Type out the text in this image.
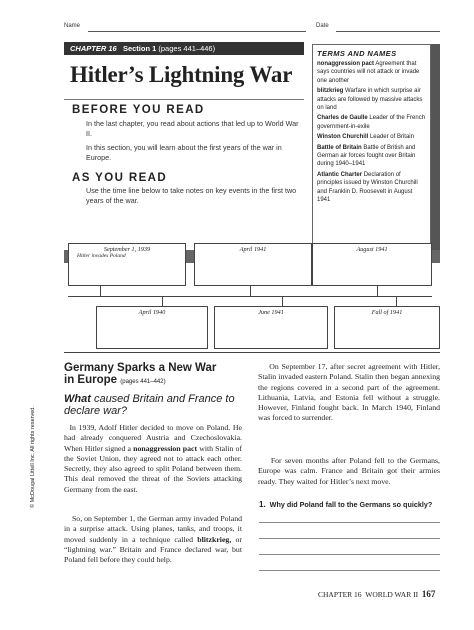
Name	Date
CHAPTER 16 Section 1 (pages 441–446)
Hitler’s Lightning War
BEFORE YOU READ
In the last chapter, you read about actions that led up to World War II.
In this section, you will learn about the first years of the war in Europe.
AS YOU READ
Use the time line below to take notes on key events in the first two years of the war.
TERMS AND NAMES
nonaggression pact Agreement that says countries will not attack or invade one another
blitzkrieg Warfare in which surprise air attacks are followed by massive attacks on land
Charles de Gaulle Leader of the French government-in-exile
Winston Churchill Leader of Britain
Battle of Britain Battle of British and German air forces fought over Britain during 1940–1941
Atlantic Charter Declaration of principles issued by Winston Churchill and Franklin D. Roosevelt in August 1941
September 1, 1939
Hitler invades Poland
April 1941	August 1941
April 1940	June 1941	Fall of 1941
Germany Sparks a New War
in Europe (pages 441–442)
What caused Britain and France to declare war?
In 1939, Adolf Hitler decided to move on Poland. He had already conquered Austria and Czechoslovakia. When Hitler signed a nonaggression pact with Stalin of the Soviet Union, they agreed not to attack each other. Secretly, they also agreed to split Poland between them. This deal removed the threat of the Soviets attacking Germany from the east.
So, on September 1, the German army invaded Poland in a surprise attack. Using planes, tanks, and troops, it moved suddenly in a technique called blitzkrieg, or “lightning war.” Britain and France declared war, but Poland fell before they could help.
On September 17, after secret agreement with Hitler, Stalin invaded eastern Poland. Stalin then began annexing the regions covered in a second part of the agreement. Lithuania, Latvia, and Estonia fell without a struggle. However, Finland fought back. In March 1940, Finland was forced to surrender.
For seven months after Poland fell to the Germans, Europe was calm. France and Britain got their armies ready. They waited for Hitler’s next move.
1. Why did Poland fall to the Germans so quickly?
© McDougal Littell Inc. All rights reserved.
CHAPTER 16 WORLD WAR II 167
